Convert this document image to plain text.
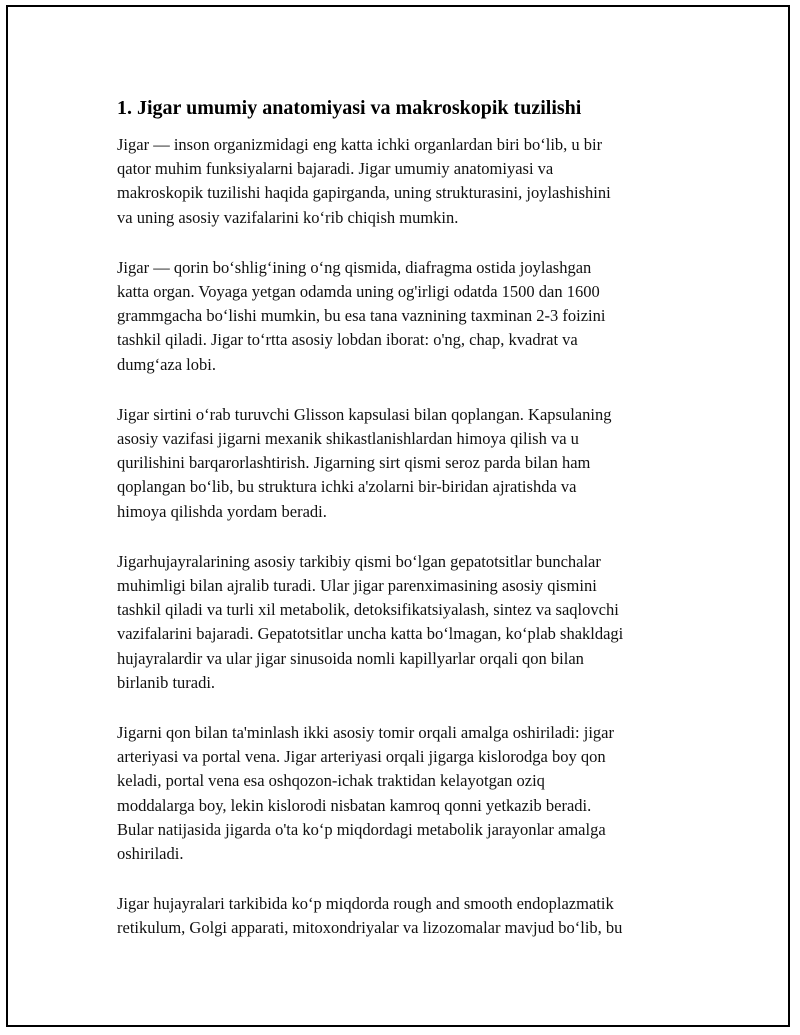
1. Jigar umumiy anatomiyasi va makroskopik tuzilishi

Jigar — inson organizmidagi eng katta ichki organlardan biri bo‘lib, u bir
qator muhim funksiyalarni bajaradi. Jigar umumiy anatomiyasi va
makroskopik tuzilishi haqida gapirganda, uning strukturasini, joylashishini
va uning asosiy vazifalarini ko‘rib chiqish mumkin.

Jigar — qorin bo‘shlig‘ining o‘ng qismida, diafragma ostida joylashgan
katta organ. Voyaga yetgan odamda uning og'irligi odatda 1500 dan 1600
grammgacha bo‘lishi mumkin, bu esa tana vaznining taxminan 2-3 foizini
tashkil qiladi. Jigar to‘rtta asosiy lobdan iborat: o'ng, chap, kvadrat va
dumg‘aza lobi.

Jigar sirtini o‘rab turuvchi Glisson kapsulasi bilan qoplangan. Kapsulaning
asosiy vazifasi jigarni mexanik shikastlanishlardan himoya qilish va u
qurilishini barqarorlashtirish. Jigarning sirt qismi seroz parda bilan ham
qoplangan bo‘lib, bu struktura ichki a'zolarni bir-biridan ajratishda va
himoya qilishda yordam beradi.

Jigarhujayralarining asosiy tarkibiy qismi bo‘lgan gepatotsitlar bunchalar
muhimligi bilan ajralib turadi. Ular jigar parenximasining asosiy qismini
tashkil qiladi va turli xil metabolik, detoksifikatsiyalash, sintez va saqlovchi
vazifalarini bajaradi. Gepatotsitlar uncha katta bo‘lmagan, ko‘plab shakldagi
hujayralardir va ular jigar sinusoida nomli kapillyarlar orqali qon bilan
birlanib turadi.

Jigarni qon bilan ta'minlash ikki asosiy tomir orqali amalga oshiriladi: jigar
arteriyasi va portal vena. Jigar arteriyasi orqali jigarga kislorodga boy qon
keladi, portal vena esa oshqozon-ichak traktidan kelayotgan oziq
moddalarga boy, lekin kislorodi nisbatan kamroq qonni yetkazib beradi.
Bular natijasida jigarda o'ta ko‘p miqdordagi metabolik jarayonlar amalga
oshiriladi.

Jigar hujayralari tarkibida ko‘p miqdorda rough and smooth endoplazmatik
retikulum, Golgi apparati, mitoxondriyalar va lizozomalar mavjud bo‘lib, bu
